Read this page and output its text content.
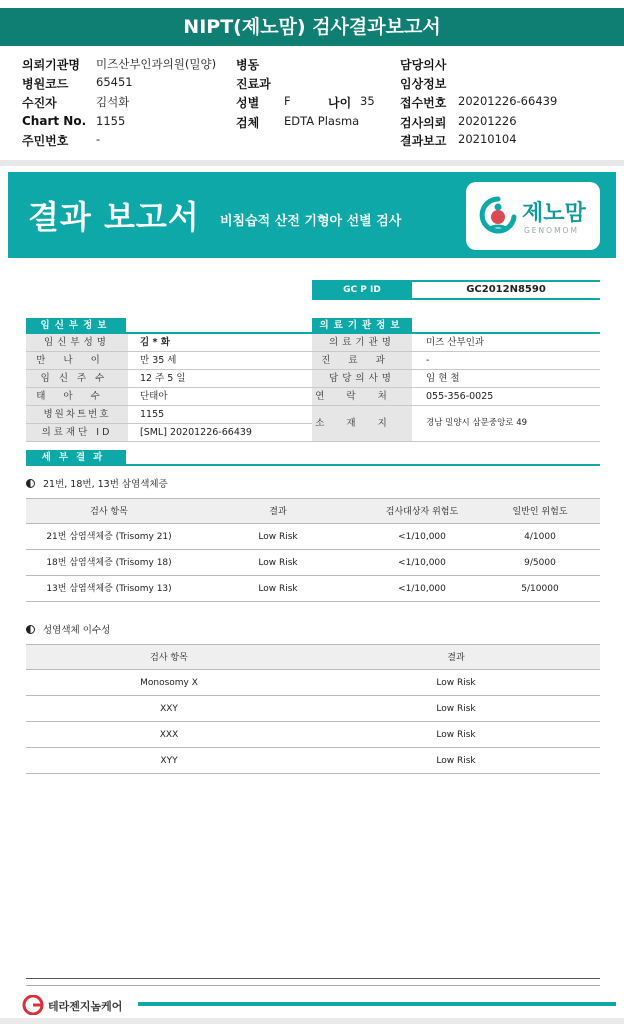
NIPT(제노맘) 검사결과보고서
의뢰기관명 미즈산부인과의원(밀양) 병동	담당의사
병원코드 65451	진료과	임상정보
수진자	김석화	성별 F	나이 35 접수번호 20201226-66439
Chart No. 1155	검체 EDTA Plasma	검사의뢰 20201226
주민번호 -	결과보고 20210104
결과 보고서 비침습적 산전 기형아 선별 검사	제노맘
GENOMOM
GC P ID	GC2012N8590
임신부정보	의료기관정보
임신부성명	김 * 화
만나이	만 35 세
임신주수	12 주 5 일
태아수	단태아
병원차트번호	1155
의료재단 ID	[SML] 20201226-66439
의료기관명	미즈 산부인과
진료과	-
담당의사명	임 현 철
연락처	055-356-0025
소재지	경남 밀양시 삼문중앙로 49
세부결과
21번, 18번, 13번 삼염색체증
검사 항목	결과	검사대상자 위험도	일반인 위험도
21번 삼염색체증 (Trisomy 21)	Low Risk	<1/10,000	4/1000
18번 삼염색체증 (Trisomy 18)	Low Risk	<1/10,000	9/5000
13번 삼염색체증 (Trisomy 13)	Low Risk	<1/10,000	5/10000
성염색체 이수성
검사 항목	결과
Monosomy X	Low Risk
XXY	Low Risk
XXX	Low Risk
XYY	Low Risk
테라젠지놈케어
